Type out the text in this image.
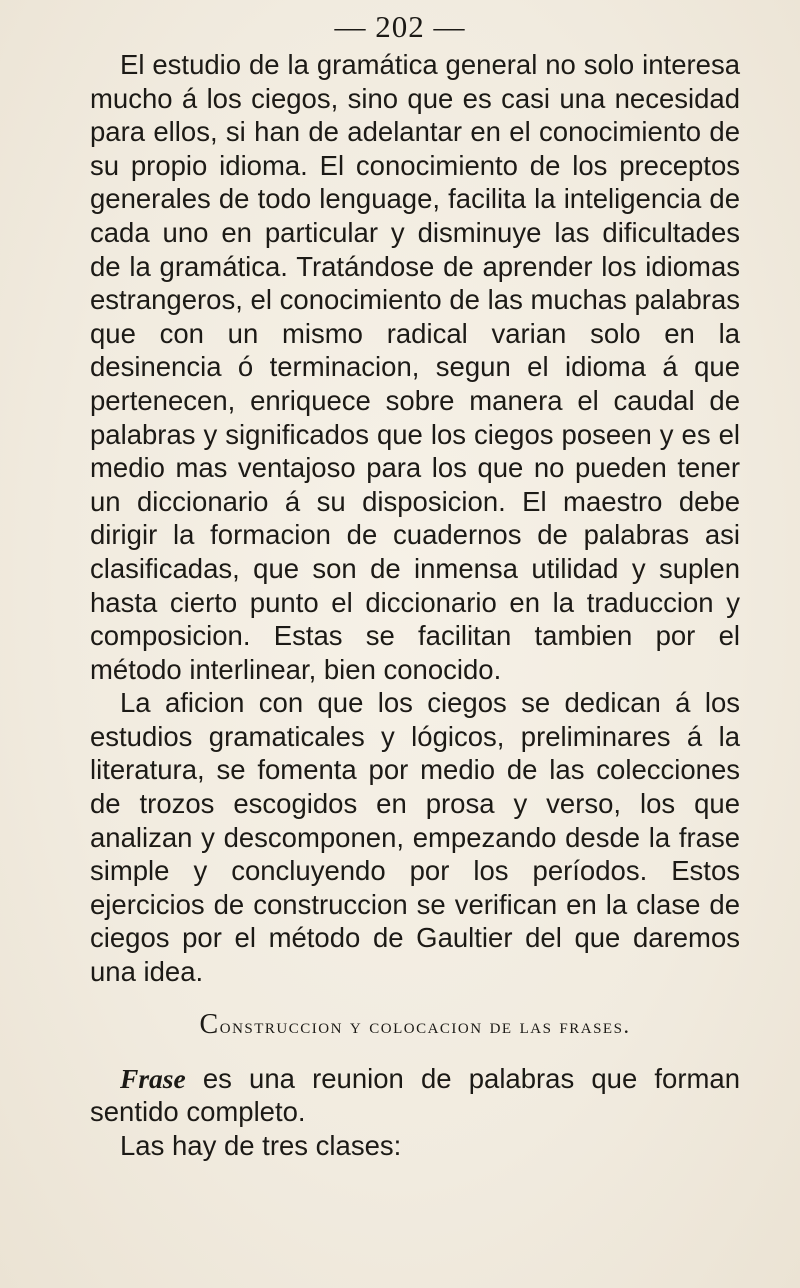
— 202 —

El estudio de la gramática general no solo interesa mucho á los ciegos, sino que es casi una necesidad para ellos, si han de adelantar en el conocimiento de su propio idioma. El conocimiento de los preceptos generales de todo lenguage, facilita la inteligencia de cada uno en particular y disminuye las dificultades de la gramática. Tratándose de aprender los idiomas estrangeros, el conocimiento de las muchas palabras que con un mismo radical varian solo en la desinencia ó terminacion, segun el idioma á que pertenecen, enriquece sobre manera el caudal de palabras y significados que los ciegos poseen y es el medio mas ventajoso para los que no pueden tener un diccionario á su disposicion. El maestro debe dirigir la formacion de cuadernos de palabras asi clasificadas, que son de inmensa utilidad y suplen hasta cierto punto el diccionario en la traduccion y composicion. Estas se facilitan tambien por el método interlinear, bien conocido.

La aficion con que los ciegos se dedican á los estudios gramaticales y lógicos, preliminares á la literatura, se fomenta por medio de las colecciones de trozos escogidos en prosa y verso, los que analizan y descomponen, empezando desde la frase simple y concluyendo por los períodos. Estos ejercicios de construccion se verifican en la clase de ciegos por el método de Gaultier del que daremos una idea.

Construccion y colocacion de las frases.

Frase es una reunion de palabras que forman sentido completo.

Las hay de tres clases:
